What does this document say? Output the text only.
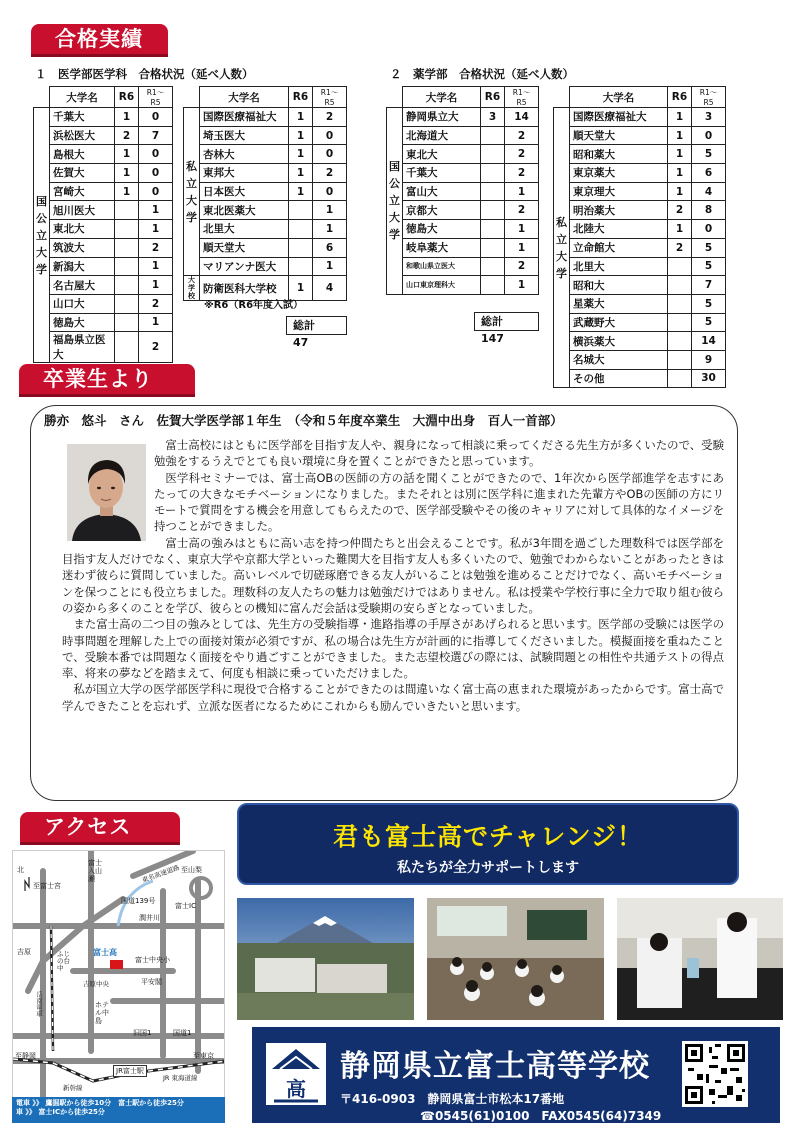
合格実績
１　医学部医学科　合格状況（延べ人数）
	大学名	R6	R1～R5
国公立大学	千葉大	1	0
	浜松医大	2	7
	島根大	1	0
	佐賀大	1	0
	宮崎大	1	0
	旭川医大		1
	東北大		1
	筑波大		2
	新潟大		1
	名古屋大		1
	山口大		2
	徳島大		1
	福島県立医大		2
	大学名	R6	R1～R5
私立大学	国際医療福祉大	1	2
	埼玉医大	1	0
	杏林大	1	0
	東邦大	1	2
	日本医大	1	0
	東北医薬大		1
	北里大		1
	順天堂大		6
	マリアンナ医大		1
大学校	防衛医科大学校	1	4
※R6（R6年度入試）
総計　47
２　薬学部　合格状況（延べ人数）
	大学名	R6	R1～R5
国公立大学	静岡県立大	3	14
	北海道大		2
	東北大		2
	千葉大		2
	富山大		1
	京都大		2
	徳島大		1
	岐阜薬大		1
	和歌山県立医大		2
	山口東京理科大		1
総計　147
	大学名	R6	R1～R5
私立大学	国際医療福祉大	1	3
	順天堂大	1	0
	昭和薬大	1	5
	東京薬大	1	6
	東京理大	1	4
	明治薬大	2	8
	北陸大	1	0
	立命館大	2	5
	北里大		5
	昭和大		7
	星薬大		5
	武蔵野大		5
	横浜薬大		14
	名城大		9
	その他		30
卒業生より
勝亦　悠斗　さん　佐賀大学医学部１年生　（令和５年度卒業生　大淵中出身　百人一首部）

富士高校にはともに医学部を目指す友人や、親身になって相談に乗ってくださる先生方が多くいたので、受験勉強をするうえでとても良い環境に身を置くことができたと思っています。

医学科セミナーでは、富士高OBの医師の方の話を聞くことができたので、1年次から医学部進学を志すにあたっての大きなモチベーションになりました。またそれとは別に医学科に進まれた先輩方やOBの医師の方にリモートで質問をする機会を用意してもらえたので、医学部受験やその後のキャリアに対して具体的なイメージを持つことができました。

富士高の強みはともに高い志を持つ仲間たちと出会えることです。私が3年間を過ごした理数科では医学部を目指す友人だけでなく、東京大学や京都大学といった難関大を目指す友人も多くいたので、勉強でわからないことがあったときは迷わず彼らに質問していました。高いレベルで切磋琢磨できる友人がいることは勉強を進めることだけでなく、高いモチベーションを保つことにも役立ちました。理数科の友人たちの魅力は勉強だけではありません。私は授業や学校行事に全力で取り組む彼らの姿から多くのことを学び、彼らとの機知に富んだ会話は受験期の安らぎとなっていました。

また富士高の二つ目の強みとしては、先生方の受験指導・進路指導の手厚さがあげられると思います。医学部の受験には医学の時事問題を理解した上での面接対策が必須ですが、私の場合は先生方が計画的に指導してくださいました。模擬面接を重ねたことで、受験本番では問題なく面接をやり過ごすことができました。また志望校選びの際には、試験問題との相性や共通テストの得点率、将来の夢などを踏まえて、何度も相談に乗っていただけました。

私が国立大学の医学部医学科に現役で合格することができたのは間違いなく富士高の恵まれた環境があったからです。富士高で学んできたことを忘れず、立派な医者になるためにこれからも励んでいきたいと思います。

アクセス
北
富士入山瀬
至富士宮
国道139号
富士IC
東名高速道路
潤井川
富士高
富士中央小
平安閣
ふじの台中
吉原
ホテル中島
旧国1	国道1
JR富士駅
JR 東海道線
至静岡	至東京
至山梨
岳南電車
新幹線
吉原中央
電車 》》 鷹掘駅から徒歩10分　富士駅から徒歩25分
車 》》 富士ICから徒歩25分
君も富士高でチャレンジ！
私たちが全力サポートします
高
静岡県立富士高等学校
〒416-0903　静岡県富士市松本17番地
☎0545(61)0100　FAX0545(64)7349
